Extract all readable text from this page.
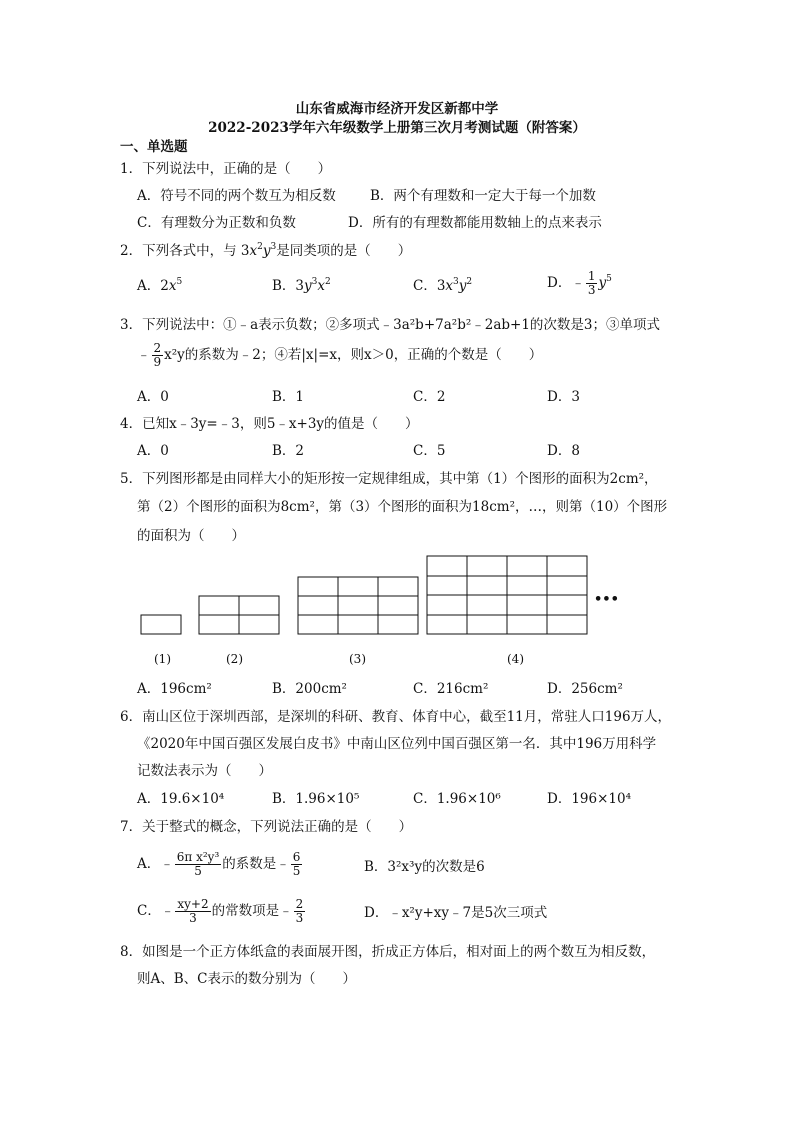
山东省威海市经济开发区新都中学
2022-2023学年六年级数学上册第三次月考测试题（附答案）
一、单选题
1．下列说法中，正确的是（　　）
A．符号不同的两个数互为相反数	B．两个有理数和一定大于每一个加数
C．有理数分为正数和负数	D．所有的有理数都能用数轴上的点来表示
2．下列各式中，与 $3x^2y^3$是同类项的是（　　）
A．$2x^5$	B．$3y^3x^2$	C．$3x^3y^2$	D．﹣ $\frac{1}{3} y^5$
3．下列说法中：①﹣a表示负数；②多项式﹣3a²b+7a²b²﹣2ab+1的次数是3；③单项式
﹣ $\frac{2}{9} x^2y$的系数为﹣2；④若|x|=x，则x＞0，正确的个数是（　　）
A．0	B．1	C．2	D．3
4．已知x﹣3y=﹣3，则5﹣x+3y的值是（　　）
A．0	B．2	C．5	D．8
5．下列图形都是由同样大小的矩形按一定规律组成，其中第（1）个图形的面积为2cm²，
第（2）个图形的面积为8cm²，第（3）个图形的面积为18cm²，…，则第（10）个图形
的面积为（　　）
•••
(1)	(2)	(3)	(4)
A．196cm²	B．200cm²	C．216cm²	D．256cm²
6．南山区位于深圳西部，是深圳的科研、教育、体育中心，截至11月，常驻人口196万人，
《2020年中国百强区发展白皮书》中南山区位列中国百强区第一名．其中196万用科学
记数法表示为（　　）
A．19.6×10⁴	B．1.96×10⁵	C．1.96×10⁶	D．196×10⁴
7．关于整式的概念，下列说法正确的是（　　）
A．﹣ $\frac{\text{6π x²y³}}{5}$ 的系数是﹣ $\frac{6}{5}$	B．3²x³y的次数是6
C．﹣ $\frac{xy+2}{3}$ 的常数项是﹣ $\frac{2}{3}$	D．﹣x²y+xy﹣7是5次三项式
8．如图是一个正方体纸盒的表面展开图，折成正方体后，相对面上的两个数互为相反数，
则A、B、C表示的数分别为（　　）
